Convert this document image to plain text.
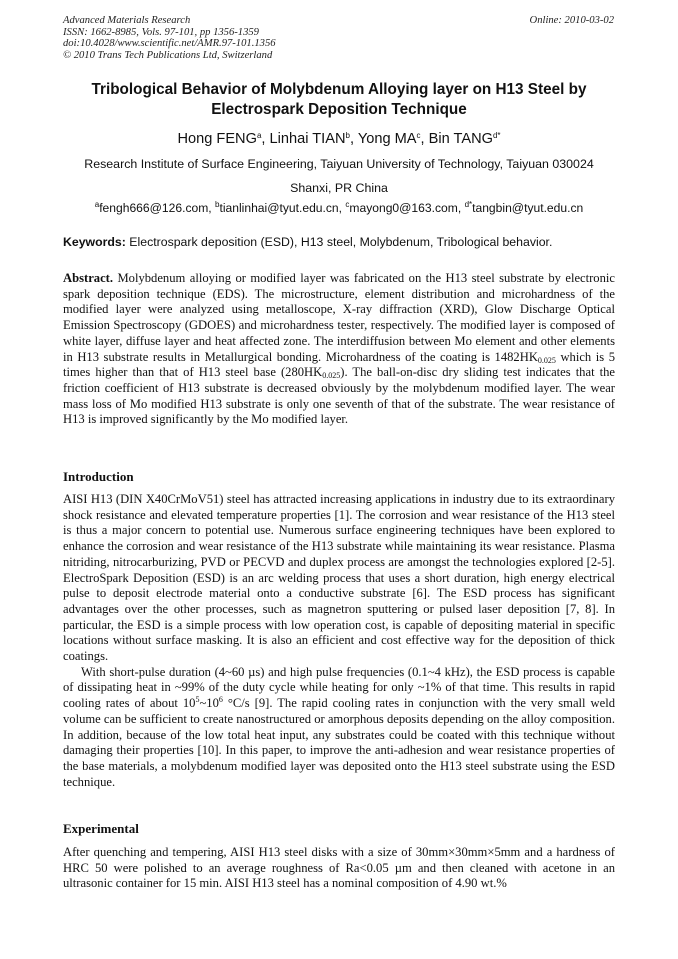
Advanced Materials Research
ISSN: 1662-8985, Vols. 97-101, pp 1356-1359
doi:10.4028/www.scientific.net/AMR.97-101.1356
© 2010 Trans Tech Publications Ltd, Switzerland
Online: 2010-03-02
Tribological Behavior of Molybdenum Alloying layer on H13 Steel by
Electrospark Deposition Technique
Hong FENG$^a$, Linhai TIAN$^b$, Yong $MA^c$, Bin $TANG^{d*}$
Research Institute of Surface Engineering, Taiyuan University of Technology, Taiyuan 030024
Shanxi, PR China
$^a$fengh666@126.com, $^b$tianlinhai@tyut.edu.cn, $^c$mayong0@163.com, $^{d*}$tangbin@tyut.edu.cn
Keywords: Electrospark deposition (ESD), H13 steel, Molybdenum, Tribological behavior.
Abstract. Molybdenum alloying or modified layer was fabricated on the H13 steel substrate by electronic spark deposition technique (EDS). The microstructure, element distribution and microhardness of the modified layer were analyzed using metalloscope, X-ray diffraction (XRD), Glow Discharge Optical Emission Spectroscopy (GDOES) and microhardness tester, respectively. The modified layer is composed of white layer, diffuse layer and heat affected zone. The interdiffusion between Mo element and other elements in H13 substrate results in Metallurgical bonding. Microhardness of the coating is $1482HK_{0.025}$ which is 5 times higher than that of H13 steel base $(280HK_{0.025})$. The ball-on-disc dry sliding test indicates that the friction coefficient of H13 substrate is decreased obviously by the molybdenum modified layer. The wear mass loss of Mo modified H13 substrate is only one seventh of that of the substrate. The wear resistance of H13 is improved significantly by the Mo modified layer.
Introduction

AISI H13 (DIN X40CrMoV51) steel has attracted increasing applications in industry due to its extraordinary shock resistance and elevated temperature properties [1]. The corrosion and wear resistance of the H13 steel is thus a major concern to potential use. Numerous surface engineering techniques have been explored to enhance the corrosion and wear resistance of the H13 substrate while maintaining its wear resistance. Plasma nitriding, nitrocarburizing, PVD or PECVD and duplex process are amongst the technologies explored [2-5]. ElectroSpark Deposition (ESD) is an arc welding process that uses a short duration, high energy electrical pulse to deposit electrode material onto a conductive substrate [6]. The ESD process has significant advantages over the other processes, such as magnetron sputtering or pulsed laser deposition [7, 8]. In particular, the ESD is a simple process with low operation cost, is capable of depositing material in specific locations without surface masking. It is also an efficient and cost effective way for the deposition of thick coatings.

With short-pulse duration (4~60 µs) and high pulse frequencies (0.1~4 kHz), the ESD process is capable of dissipating heat in ~99% of the duty cycle while heating for only ~1% of that time. This results in rapid cooling rates of about $10^5\sim 10^6$ °C/s [9]. The rapid cooling rates in conjunction with the very small weld volume can be sufficient to create nanostructured or amorphous deposits depending on the alloy composition. In addition, because of the low total heat input, any substrates could be coated with this technique without damaging their properties [10]. In this paper, to improve the anti-adhesion and wear resistance properties of the base materials, a molybdenum modified layer was deposited onto the H13 steel substrate using the ESD technique.

Experimental
After quenching and tempering, AISI H13 steel disks with a size of 30mm×30mm×5mm and a hardness of HRC 50 were polished to an average roughness of Ra<0.05 µm and then cleaned with acetone in an ultrasonic container for 15 min. AISI H13 steel has a nominal composition of 4.90 wt.%
